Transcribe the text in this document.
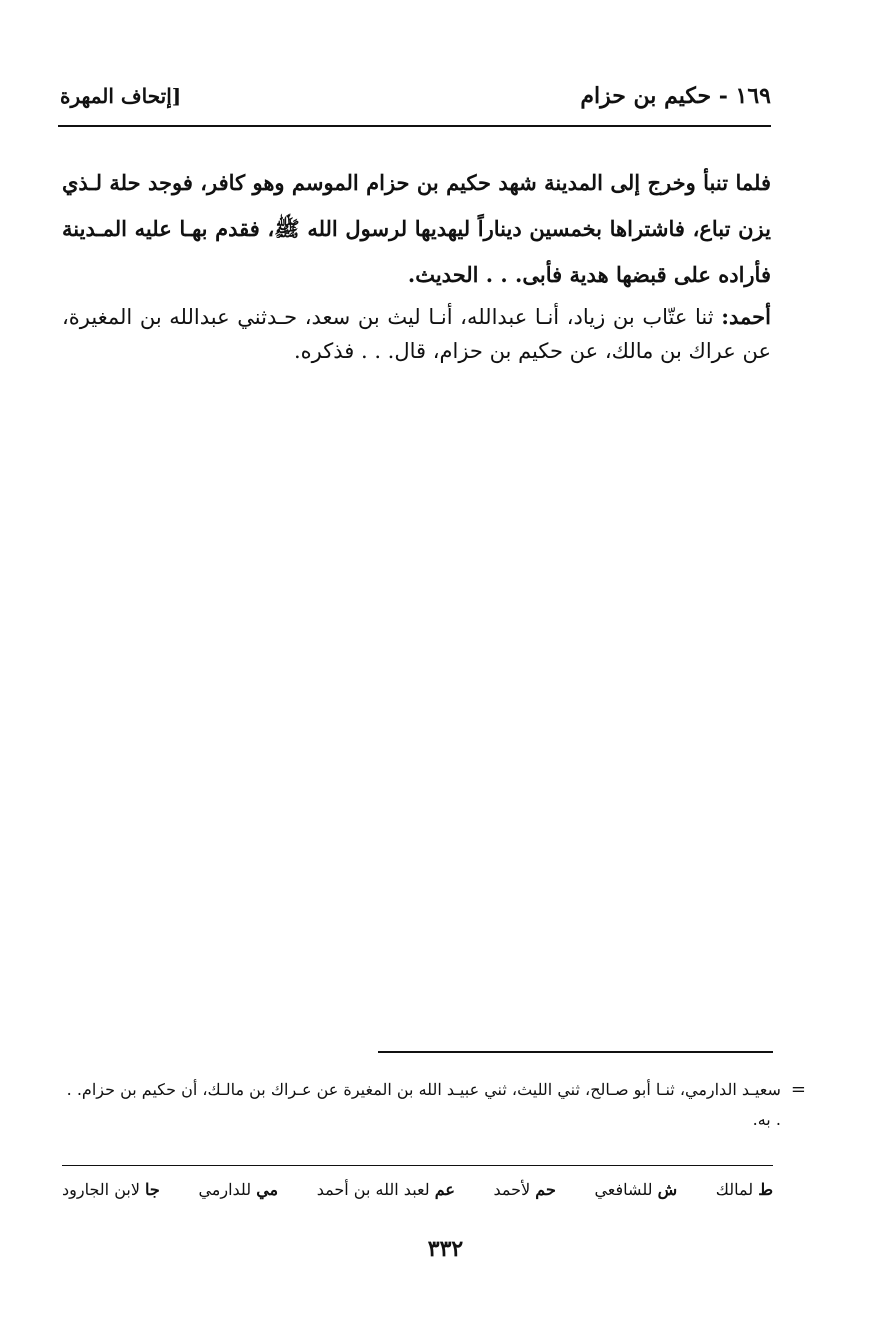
١٦٩ - حكيم بن حزام
[إتحاف المهرة

فلما تنبأ وخرج إلى المدينة شهد حكيم بن حزام الموسم وهو كافر، فوجد حلة لـذي يزن تباع، فاشتراها بخمسين ديناراً ليهديها لرسول الله ﷺ، فقدم بهـا عليه المـدينة فأراده على قبضها هدية فأبى. . . الحديث.

أحمد: ثنا عتّاب بن زياد، أنـا عبدالله، أنـا ليث بن سعد، حـدثني عبدالله بن المغيرة، عن عراك بن مالك، عن حكيم بن حزام، قال. . . فذكره.

=
سعيـد الدارمي، ثنـا أبو صـالح، ثني الليث، ثني عبيـد الله بن المغيرة عن عـراك بن مالـك، أن حكيم بن حزام. . . به.
ط لمالك
ش للشافعي
حم لأحمد
عم لعبد الله بن أحمد
مي للدارمي
جا لابن الجارود
٣٣٢
